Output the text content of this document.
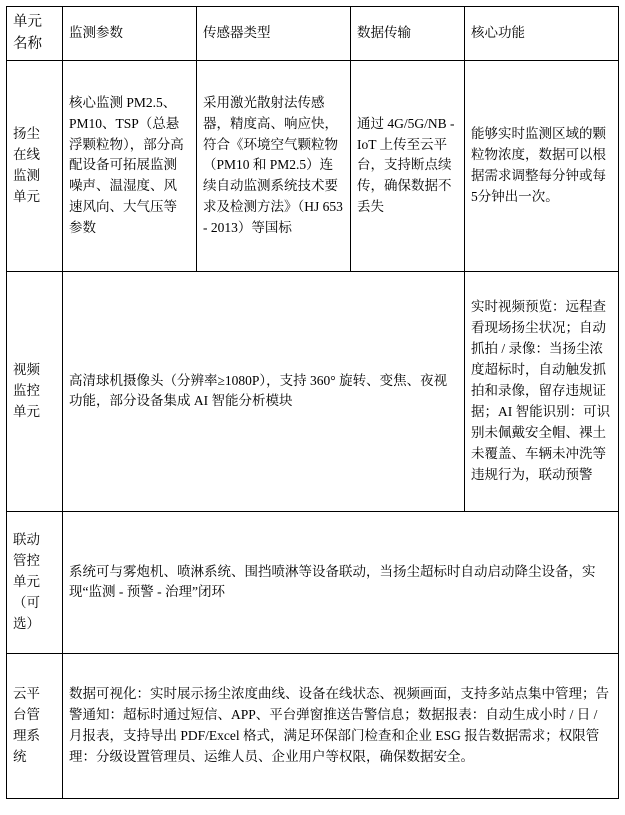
单元
名称	监测参数	传感器类型	数据传输	核心功能

扬尘
在线
监测
单元	核心监测 PM2.5、PM10、TSP（总悬浮颗粒物），部分高配设备可拓展监测噪声、温湿度、风速风向、大气压等参数	采用激光散射法传感器，精度高、响应快，符合《环境空气颗粒物（PM10 和 PM2.5）连续自动监测系统技术要求及检测方法》（HJ 653 - 2013）等国标	通过 4G/5G/NB - IoT 上传至云平台，支持断点续传，确保数据不丢失	能够实时监测区域的颗粒物浓度，数据可以根据需求调整每分钟或每5分钟出一次。

视频
监控
单元	高清球机摄像头（分辨率≥1080P），支持 360° 旋转、变焦、夜视功能，部分设备集成 AI 智能分析模块			实时视频预览：远程查看现场扬尘状况；自动抓拍 / 录像：当扬尘浓度超标时，自动触发抓拍和录像，留存违规证据；AI 智能识别：可识别未佩戴安全帽、裸土未覆盖、车辆未冲洗等违规行为，联动预警

联动
管控
单元
（可
选）	系统可与雾炮机、喷淋系统、围挡喷淋等设备联动，当扬尘超标时自动启动降尘设备，实现“监测 - 预警 - 治理”闭环			

云平
台管
理系
统	数据可视化：实时展示扬尘浓度曲线、设备在线状态、视频画面，支持多站点集中管理；告警通知：超标时通过短信、APP、平台弹窗推送告警信息；数据报表：自动生成小时 / 日 / 月报表，支持导出 PDF/Excel 格式，满足环保部门检查和企业 ESG 报告数据需求；权限管理：分级设置管理员、运维人员、企业用户等权限，确保数据安全。			
